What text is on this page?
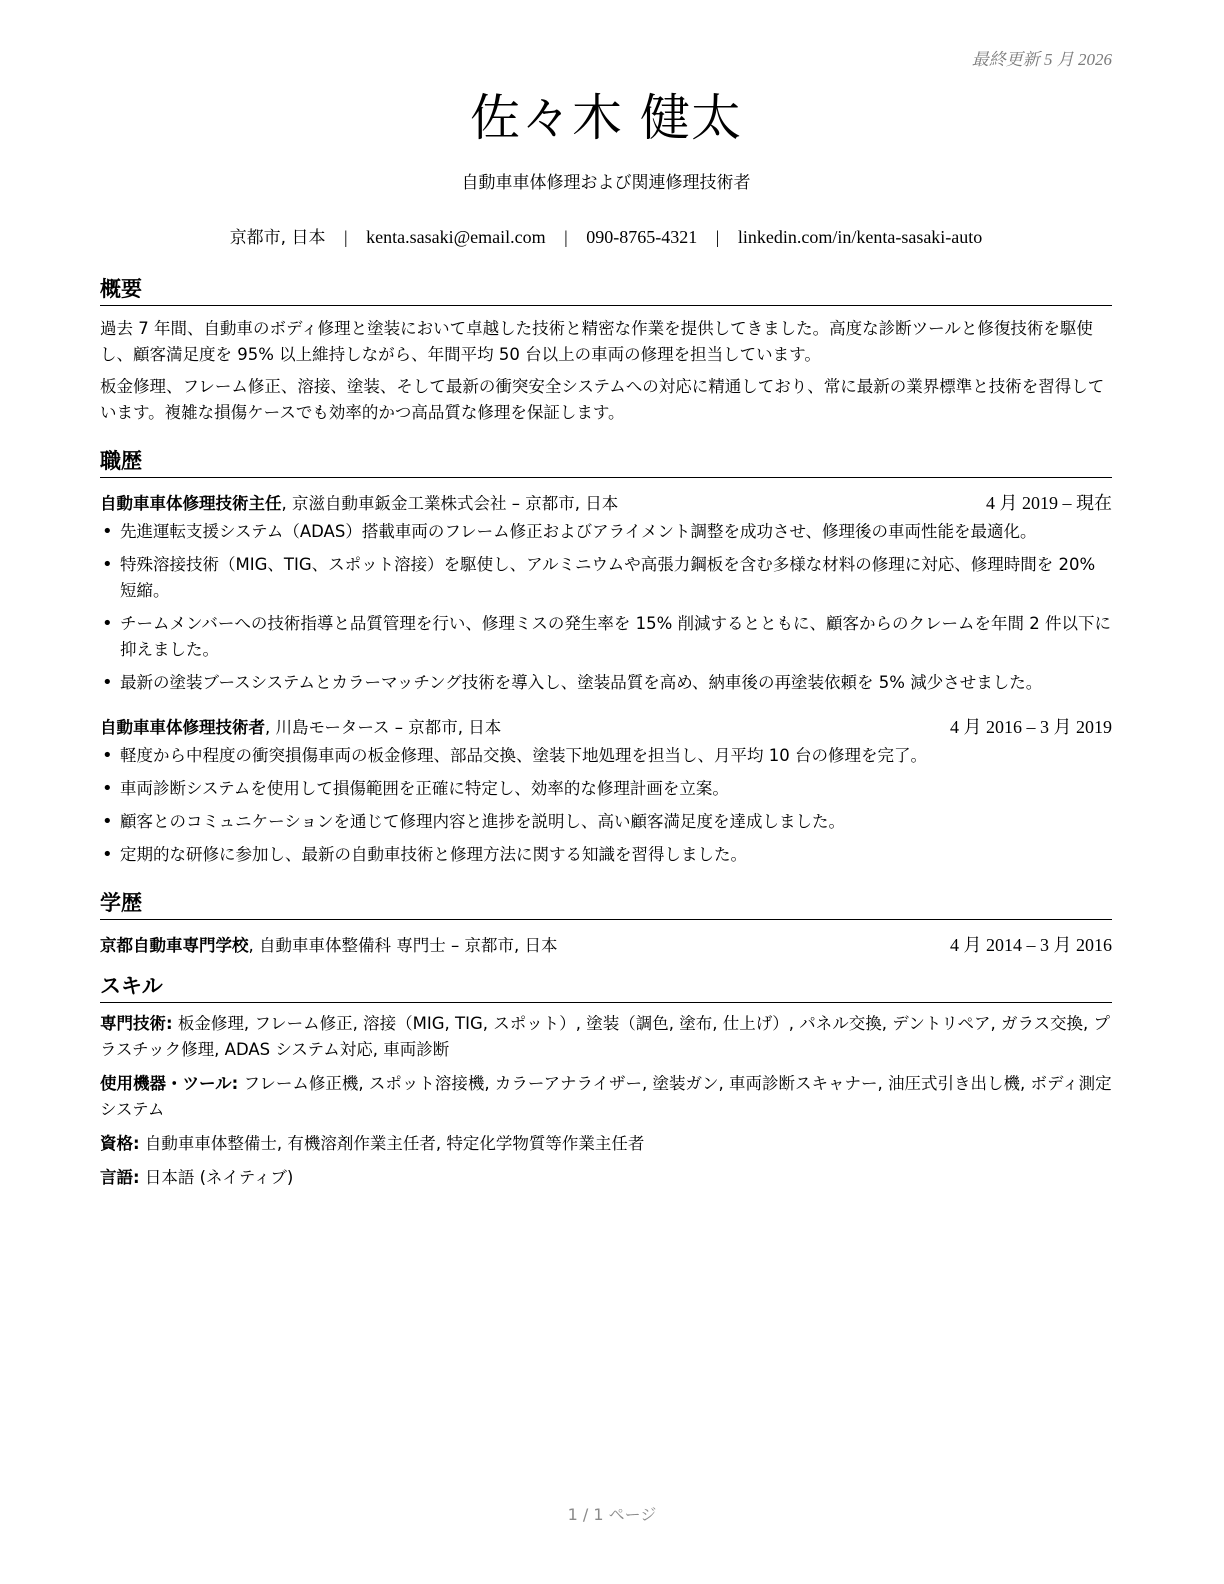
最終更新 5 月 2026
佐々木 健太
自動車車体修理および関連修理技術者
京都市, 日本 | kenta.sasaki@email.com | 090-8765-4321 | linkedin.com/in/kenta-sasaki-auto
概要
過去 7 年間、自動車のボディ修理と塗装において卓越した技術と精密な作業を提供してきました。高度な診断ツールと修復技術を駆使し、顧客満足度を 95% 以上維持しながら、年間平均 50 台以上の車両の修理を担当しています。
板金修理、フレーム修正、溶接、塗装、そして最新の衝突安全システムへの対応に精通しており、常に最新の業界標準と技術を習得しています。複雑な損傷ケースでも効率的かつ高品質な修理を保証します。
職歴
自動車車体修理技術主任, 京滋自動車鈑金工業株式会社 – 京都市, 日本	4 月 2019 – 現在
• 先進運転支援システム（ADAS）搭載車両のフレーム修正およびアライメント調整を成功させ、修理後の車両性能を最適化。
• 特殊溶接技術（MIG、TIG、スポット溶接）を駆使し、アルミニウムや高張力鋼板を含む多様な材料の修理に対応、修理時間を 20% 短縮。
• チームメンバーへの技術指導と品質管理を行い、修理ミスの発生率を 15% 削減するとともに、顧客からのクレームを年間 2 件以下に抑えました。
• 最新の塗装ブースシステムとカラーマッチング技術を導入し、塗装品質を高め、納車後の再塗装依頼を 5% 減少させました。
自動車車体修理技術者, 川島モータース – 京都市, 日本	4 月 2016 – 3 月 2019
• 軽度から中程度の衝突損傷車両の板金修理、部品交換、塗装下地処理を担当し、月平均 10 台の修理を完了。
• 車両診断システムを使用して損傷範囲を正確に特定し、効率的な修理計画を立案。
• 顧客とのコミュニケーションを通じて修理内容と進捗を説明し、高い顧客満足度を達成しました。
• 定期的な研修に参加し、最新の自動車技術と修理方法に関する知識を習得しました。
学歴
京都自動車専門学校, 自動車車体整備科 専門士 – 京都市, 日本	4 月 2014 – 3 月 2016
スキル
専門技術: 板金修理, フレーム修正, 溶接（MIG, TIG, スポット）, 塗装（調色, 塗布, 仕上げ）, パネル交換, デントリペア, ガラス交換, プラスチック修理, ADAS システム対応, 車両診断
使用機器・ツール: フレーム修正機, スポット溶接機, カラーアナライザー, 塗装ガン, 車両診断スキャナー, 油圧式引き出し機, ボディ測定システム
資格: 自動車車体整備士, 有機溶剤作業主任者, 特定化学物質等作業主任者
言語: 日本語 (ネイティブ)
1 / 1 ページ
